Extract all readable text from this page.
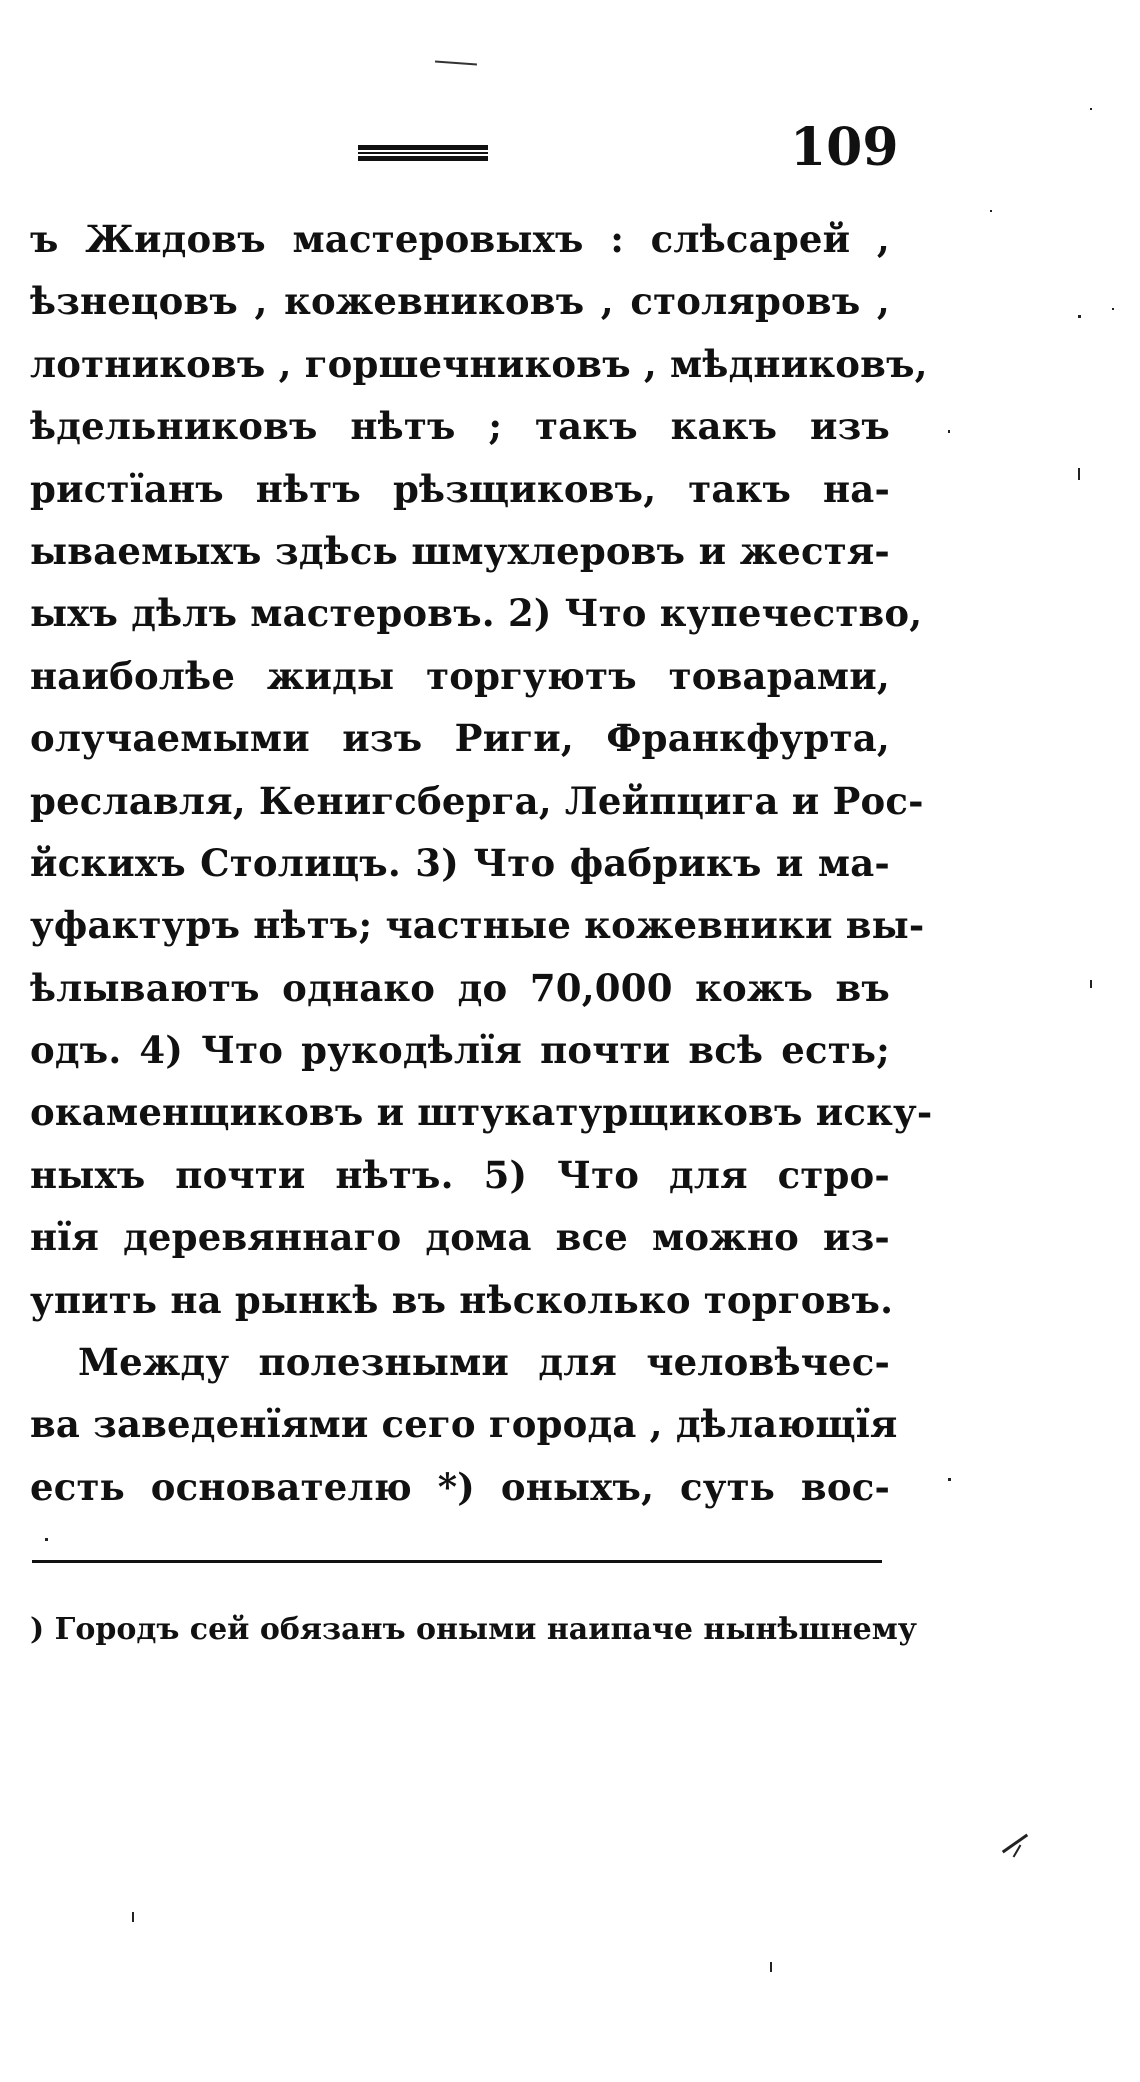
109
ъ Жидовъ мастеровыхъ : слѣсарей ,
ѣзнецовъ , кожевниковъ , столяровъ ,
лотниковъ , горшечниковъ , мѣдниковъ,
ѣдельниковъ нѣтъ ; такъ какъ изъ
ристїанъ нѣтъ рѣзщиковъ, такъ на-
ываемыхъ здѣсь шмухлеровъ и жестя-
ыхъ дѣлъ мастеровъ. 2) Что купечество,
наиболѣе жиды торгуютъ товарами,
олучаемыми изъ Риги, Франкфурта,
реславля, Кенигсберга, Лейпцига и Рос-
йскихъ Столицъ. 3) Что фабрикъ и ма-
уфактуръ нѣтъ; частные кожевники вы-
ѣлываютъ однако до 70,000 кожъ въ
одъ. 4) Что рукодѣлїя почти всѣ есть;
окаменщиковъ и штукатурщиковъ иску-
ныхъ почти нѣтъ. 5) Что для стро-
нїя деревяннаго дома все можно из-
упить на рынкѣ въ нѣсколько торговъ.
Между полезными для человѣчес-
ва заведенїями сего города , дѣлающїя
есть основателю *) оныхъ, суть вос-
) Городъ сей обязанъ оными наипаче нынѣшнему
